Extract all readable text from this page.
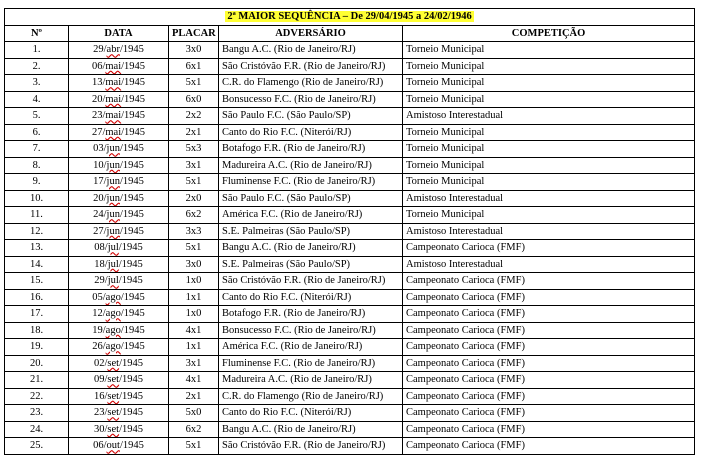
2ª MAIOR SEQUÊNCIA – De 29/04/1945 a 24/02/1946				
Nº	DATA	PLACAR	ADVERSÁRIO	COMPETIÇÃO
1.	29/abr/1945	3x0	Bangu A.C. (Rio de Janeiro/RJ)	Torneio Municipal
2.	06/mai/1945	6x1	São Cristóvão F.R. (Rio de Janeiro/RJ)	Torneio Municipal
3.	13/mai/1945	5x1	C.R. do Flamengo (Rio de Janeiro/RJ)	Torneio Municipal
4.	20/mai/1945	6x0	Bonsucesso F.C. (Rio de Janeiro/RJ)	Torneio Municipal
5.	23/mai/1945	2x2	São Paulo F.C. (São Paulo/SP)	Amistoso Interestadual
6.	27/mai/1945	2x1	Canto do Rio F.C. (Niterói/RJ)	Torneio Municipal
7.	03/jun/1945	5x3	Botafogo F.R. (Rio de Janeiro/RJ)	Torneio Municipal
8.	10/jun/1945	3x1	Madureira A.C. (Rio de Janeiro/RJ)	Torneio Municipal
9.	17/jun/1945	5x1	Fluminense F.C. (Rio de Janeiro/RJ)	Torneio Municipal
10.	20/jun/1945	2x0	São Paulo F.C. (São Paulo/SP)	Amistoso Interestadual
11.	24/jun/1945	6x2	América F.C. (Rio de Janeiro/RJ)	Torneio Municipal
12.	27/jun/1945	3x3	S.E. Palmeiras (São Paulo/SP)	Amistoso Interestadual
13.	08/jul/1945	5x1	Bangu A.C. (Rio de Janeiro/RJ)	Campeonato Carioca (FMF)
14.	18/jul/1945	3x0	S.E. Palmeiras (São Paulo/SP)	Amistoso Interestadual
15.	29/jul/1945	1x0	São Cristóvão F.R. (Rio de Janeiro/RJ)	Campeonato Carioca (FMF)
16.	05/ago/1945	1x1	Canto do Rio F.C. (Niterói/RJ)	Campeonato Carioca (FMF)
17.	12/ago/1945	1x0	Botafogo F.R. (Rio de Janeiro/RJ)	Campeonato Carioca (FMF)
18.	19/ago/1945	4x1	Bonsucesso F.C. (Rio de Janeiro/RJ)	Campeonato Carioca (FMF)
19.	26/ago/1945	1x1	América F.C. (Rio de Janeiro/RJ)	Campeonato Carioca (FMF)
20.	02/set/1945	3x1	Fluminense F.C. (Rio de Janeiro/RJ)	Campeonato Carioca (FMF)
21.	09/set/1945	4x1	Madureira A.C. (Rio de Janeiro/RJ)	Campeonato Carioca (FMF)
22.	16/set/1945	2x1	C.R. do Flamengo (Rio de Janeiro/RJ)	Campeonato Carioca (FMF)
23.	23/set/1945	5x0	Canto do Rio F.C. (Niterói/RJ)	Campeonato Carioca (FMF)
24.	30/set/1945	6x2	Bangu A.C. (Rio de Janeiro/RJ)	Campeonato Carioca (FMF)
25.	06/out/1945	5x1	São Cristóvão F.R. (Rio de Janeiro/RJ)	Campeonato Carioca (FMF)
